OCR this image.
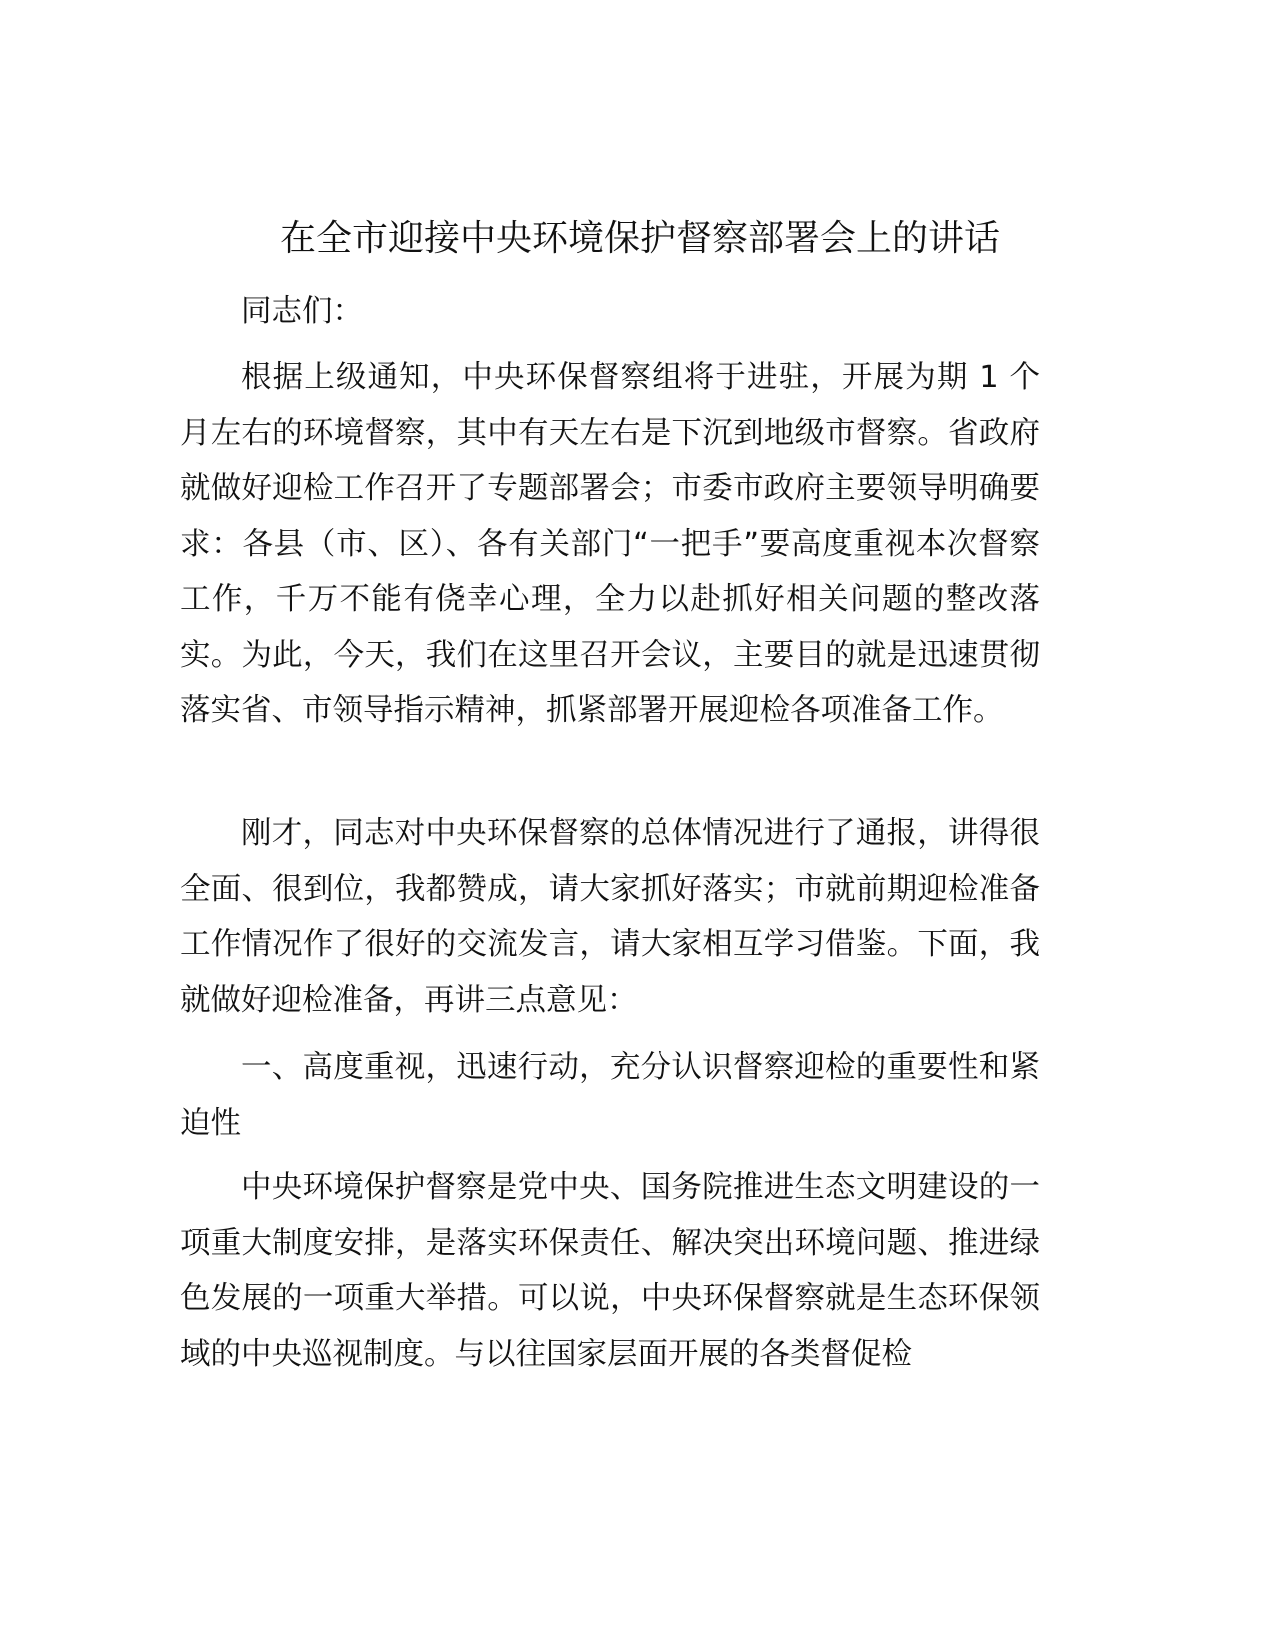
在全市迎接中央环境保护督察部署会上的讲话

同志们：

根据上级通知，中央环保督察组将于进驻，开展为期 1 个月左右的环境督察，其中有天左右是下沉到地级市督察。省政府就做好迎检工作召开了专题部署会；市委市政府主要领导明确要求：各县（市、区）、各有关部门“一把手”要高度重视本次督察工作，千万不能有侥幸心理，全力以赴抓好相关问题的整改落实。为此，今天，我们在这里召开会议，主要目的就是迅速贯彻落实省、市领导指示精神，抓紧部署开展迎检各项准备工作。

刚才，同志对中央环保督察的总体情况进行了通报，讲得很全面、很到位，我都赞成，请大家抓好落实；市就前期迎检准备工作情况作了很好的交流发言，请大家相互学习借鉴。下面，我就做好迎检准备，再讲三点意见：

一、高度重视，迅速行动，充分认识督察迎检的重要性和紧迫性

中央环境保护督察是党中央、国务院推进生态文明建设的一项重大制度安排，是落实环保责任、解决突出环境问题、推进绿色发展的一项重大举措。可以说，中央环保督察就是生态环保领域的中央巡视制度。与以往国家层面开展的各类督促检
